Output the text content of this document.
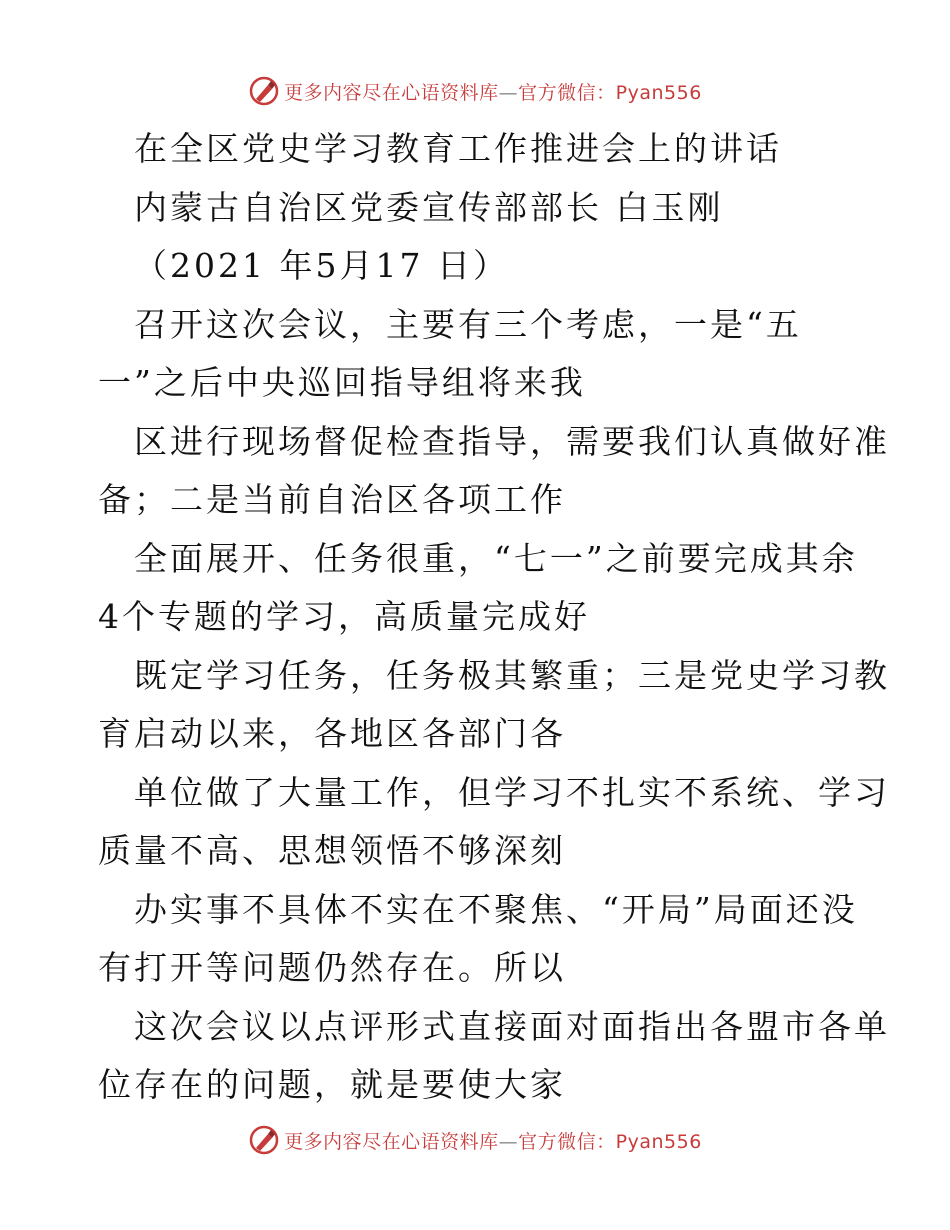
更多内容尽在心语资料库—官方微信：Pyan556
在全区党史学习教育工作推进会上的讲话
内蒙古自治区党委宣传部部长 白玉刚
（2021 年5月17 日）
召开这次会议，主要有三个考虑，一是“五
一”之后中央巡回指导组将来我
区进行现场督促检查指导，需要我们认真做好准
备；二是当前自治区各项工作
全面展开、任务很重，“七一”之前要完成其余
4个专题的学习，高质量完成好
既定学习任务，任务极其繁重；三是党史学习教
育启动以来，各地区各部门各
单位做了大量工作，但学习不扎实不系统、学习
质量不高、思想领悟不够深刻
办实事不具体不实在不聚焦、“开局”局面还没
有打开等问题仍然存在。所以
这次会议以点评形式直接面对面指出各盟市各单
位存在的问题，就是要使大家
更多内容尽在心语资料库—官方微信：Pyan556
